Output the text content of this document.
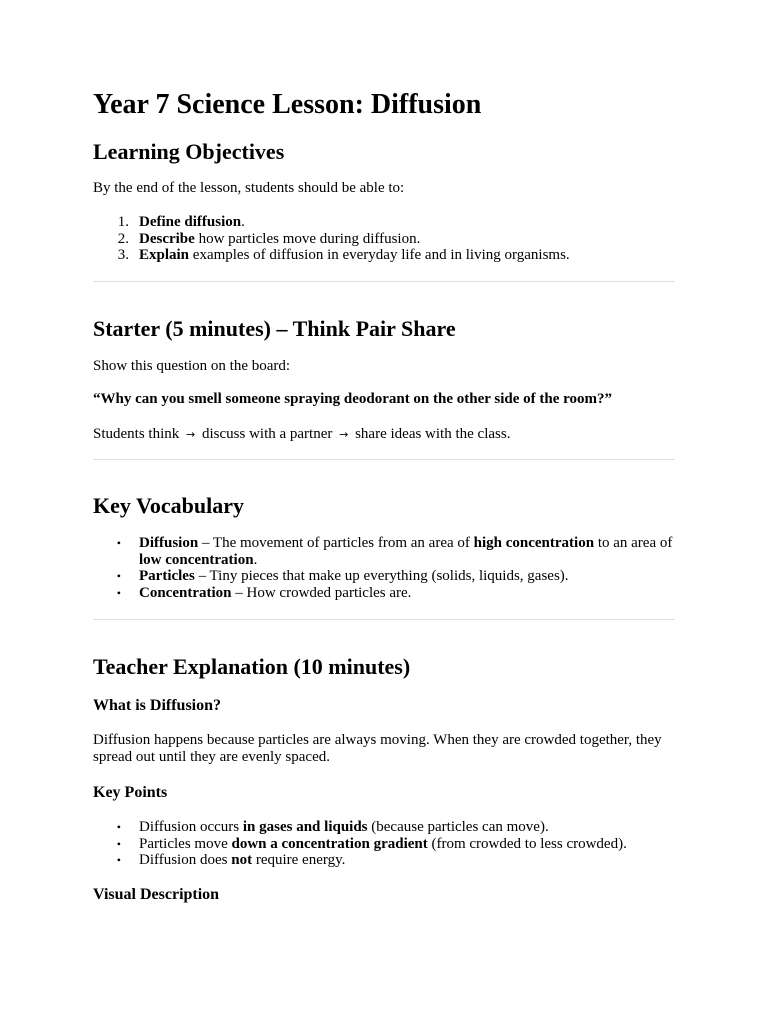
Year 7 Science Lesson: Diffusion
Learning Objectives

By the end of the lesson, students should be able to:

1. Define diffusion.
2. Describe how particles move during diffusion.
3. Explain examples of diffusion in everyday life and in living organisms.
Starter (5 minutes) – Think Pair Share

Show this question on the board:

“Why can you smell someone spraying deodorant on the other side of the room?”

Students think → discuss with a partner → share ideas with the class.

Key Vocabulary
• Diffusion – The movement of particles from an area of high concentration to an area of low concentration.
• Particles – Tiny pieces that make up everything (solids, liquids, gases).
• Concentration – How crowded particles are.
Teacher Explanation (10 minutes)
What is Diffusion?

Diffusion happens because particles are always moving. When they are crowded together, they spread out until they are evenly spaced.

Key Points
• Diffusion occurs in gases and liquids (because particles can move).
• Particles move down a concentration gradient (from crowded to less crowded).
• Diffusion does not require energy.
Visual Description
